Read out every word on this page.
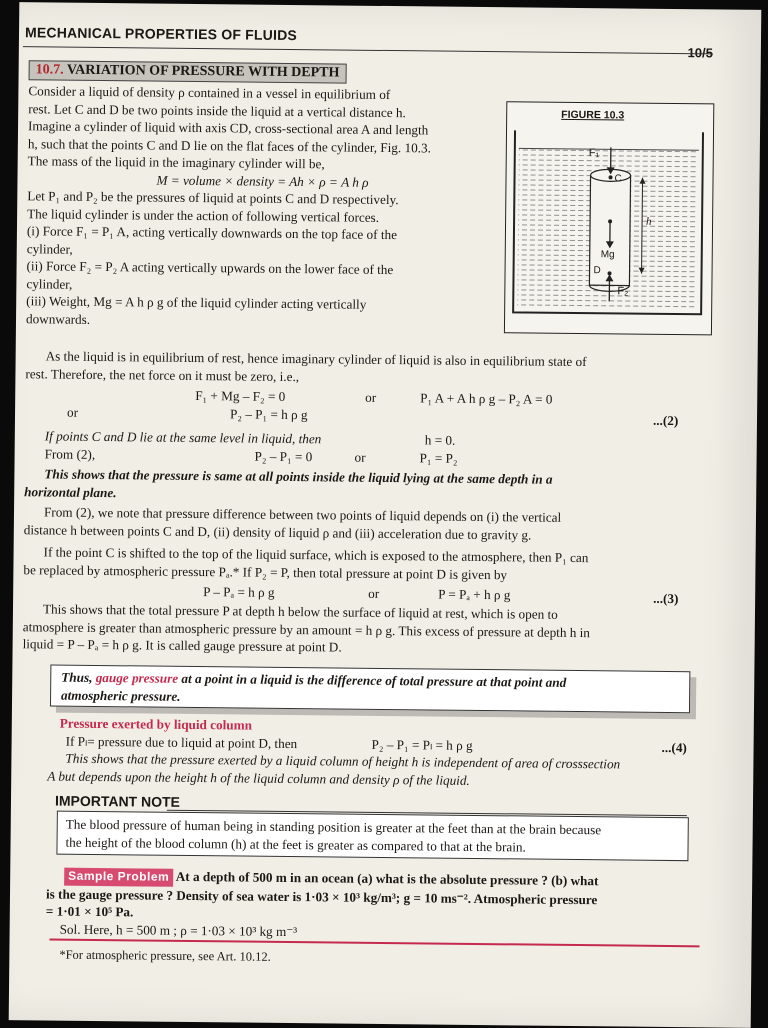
MECHANICAL PROPERTIES OF FLUIDS
10/5
10.7. VARIATION OF PRESSURE WITH DEPTH
Consider a liquid of density ρ contained in a vessel in equilibrium of
rest. Let C and D be two points inside the liquid at a vertical distance h.
Imagine a cylinder of liquid with axis CD, cross-sectional area A and length
h, such that the points C and D lie on the flat faces of the cylinder, Fig. 10.3.
The mass of the liquid in the imaginary cylinder will be,
M = volume × density = Ah × ρ = A h ρ
Let P₁ and P₂ be the pressures of liquid at points C and D respectively.
The liquid cylinder is under the action of following vertical forces.
(i) Force F₁ = P₁ A, acting vertically downwards on the top face of the
cylinder,
(ii) Force F₂ = P₂ A acting vertically upwards on the lower face of the
cylinder,
(iii) Weight, Mg = A h ρ g of the liquid cylinder acting vertically
downwards.
FIGURE 10.3
F₁
C
h
Mg
D
F₂
As the liquid is in equilibrium of rest, hence imaginary cylinder of liquid is also in equilibrium state of
rest. Therefore, the net force on it must be zero, i.e.,
F₁ + Mg – F₂ = 0	or	P₁ A + A h ρ g – P₂ A = 0
or	P₂ – P₁ = h ρ g	...(2)
If points C and D lie at the same level in liquid, then	h = 0.
From (2),	P₂ – P₁ = 0	or	P₁ = P₂
This shows that the pressure is same at all points inside the liquid lying at the same depth in a
horizontal plane.
From (2), we note that pressure difference between two points of liquid depends on (i) the vertical
distance h between points C and D, (ii) density of liquid ρ and (iii) acceleration due to gravity g.
If the point C is shifted to the top of the liquid surface, which is exposed to the atmosphere, then P₁ can
be replaced by atmospheric pressure Pₐ.* If P₂ = P, then total pressure at point D is given by
P – Pₐ = h ρ g	or	P = Pₐ + h ρ g	...(3)
This shows that the total pressure P at depth h below the surface of liquid at rest, which is open to
atmosphere is greater than atmospheric pressure by an amount = h ρ g. This excess of pressure at depth h in
liquid = P – Pₐ = h ρ g. It is called gauge pressure at point D.
Thus, gauge pressure at a point in a liquid is the difference of total pressure at that point and
atmospheric pressure.
Pressure exerted by liquid column
If Pₗ= pressure due to liquid at point D, then	P₂ – P₁ = Pₗ = h ρ g	...(4)
This shows that the pressure exerted by a liquid column of height h is independent of area of crosssection
A but depends upon the height h of the liquid column and density ρ of the liquid.
IMPORTANT NOTE
The blood pressure of human being in standing position is greater at the feet than at the brain because
the height of the blood column (h) at the feet is greater as compared to that at the brain.
Sample Problem At a depth of 500 m in an ocean (a) what is the absolute pressure ? (b) what
is the gauge pressure ? Density of sea water is 1·03 × 10³ kg/m³; g = 10 ms⁻². Atmospheric pressure
= 1·01 × 10⁵ Pa.
Sol. Here, h = 500 m ; ρ = 1·03 × 10³ kg m⁻³
*For atmospheric pressure, see Art. 10.12.
